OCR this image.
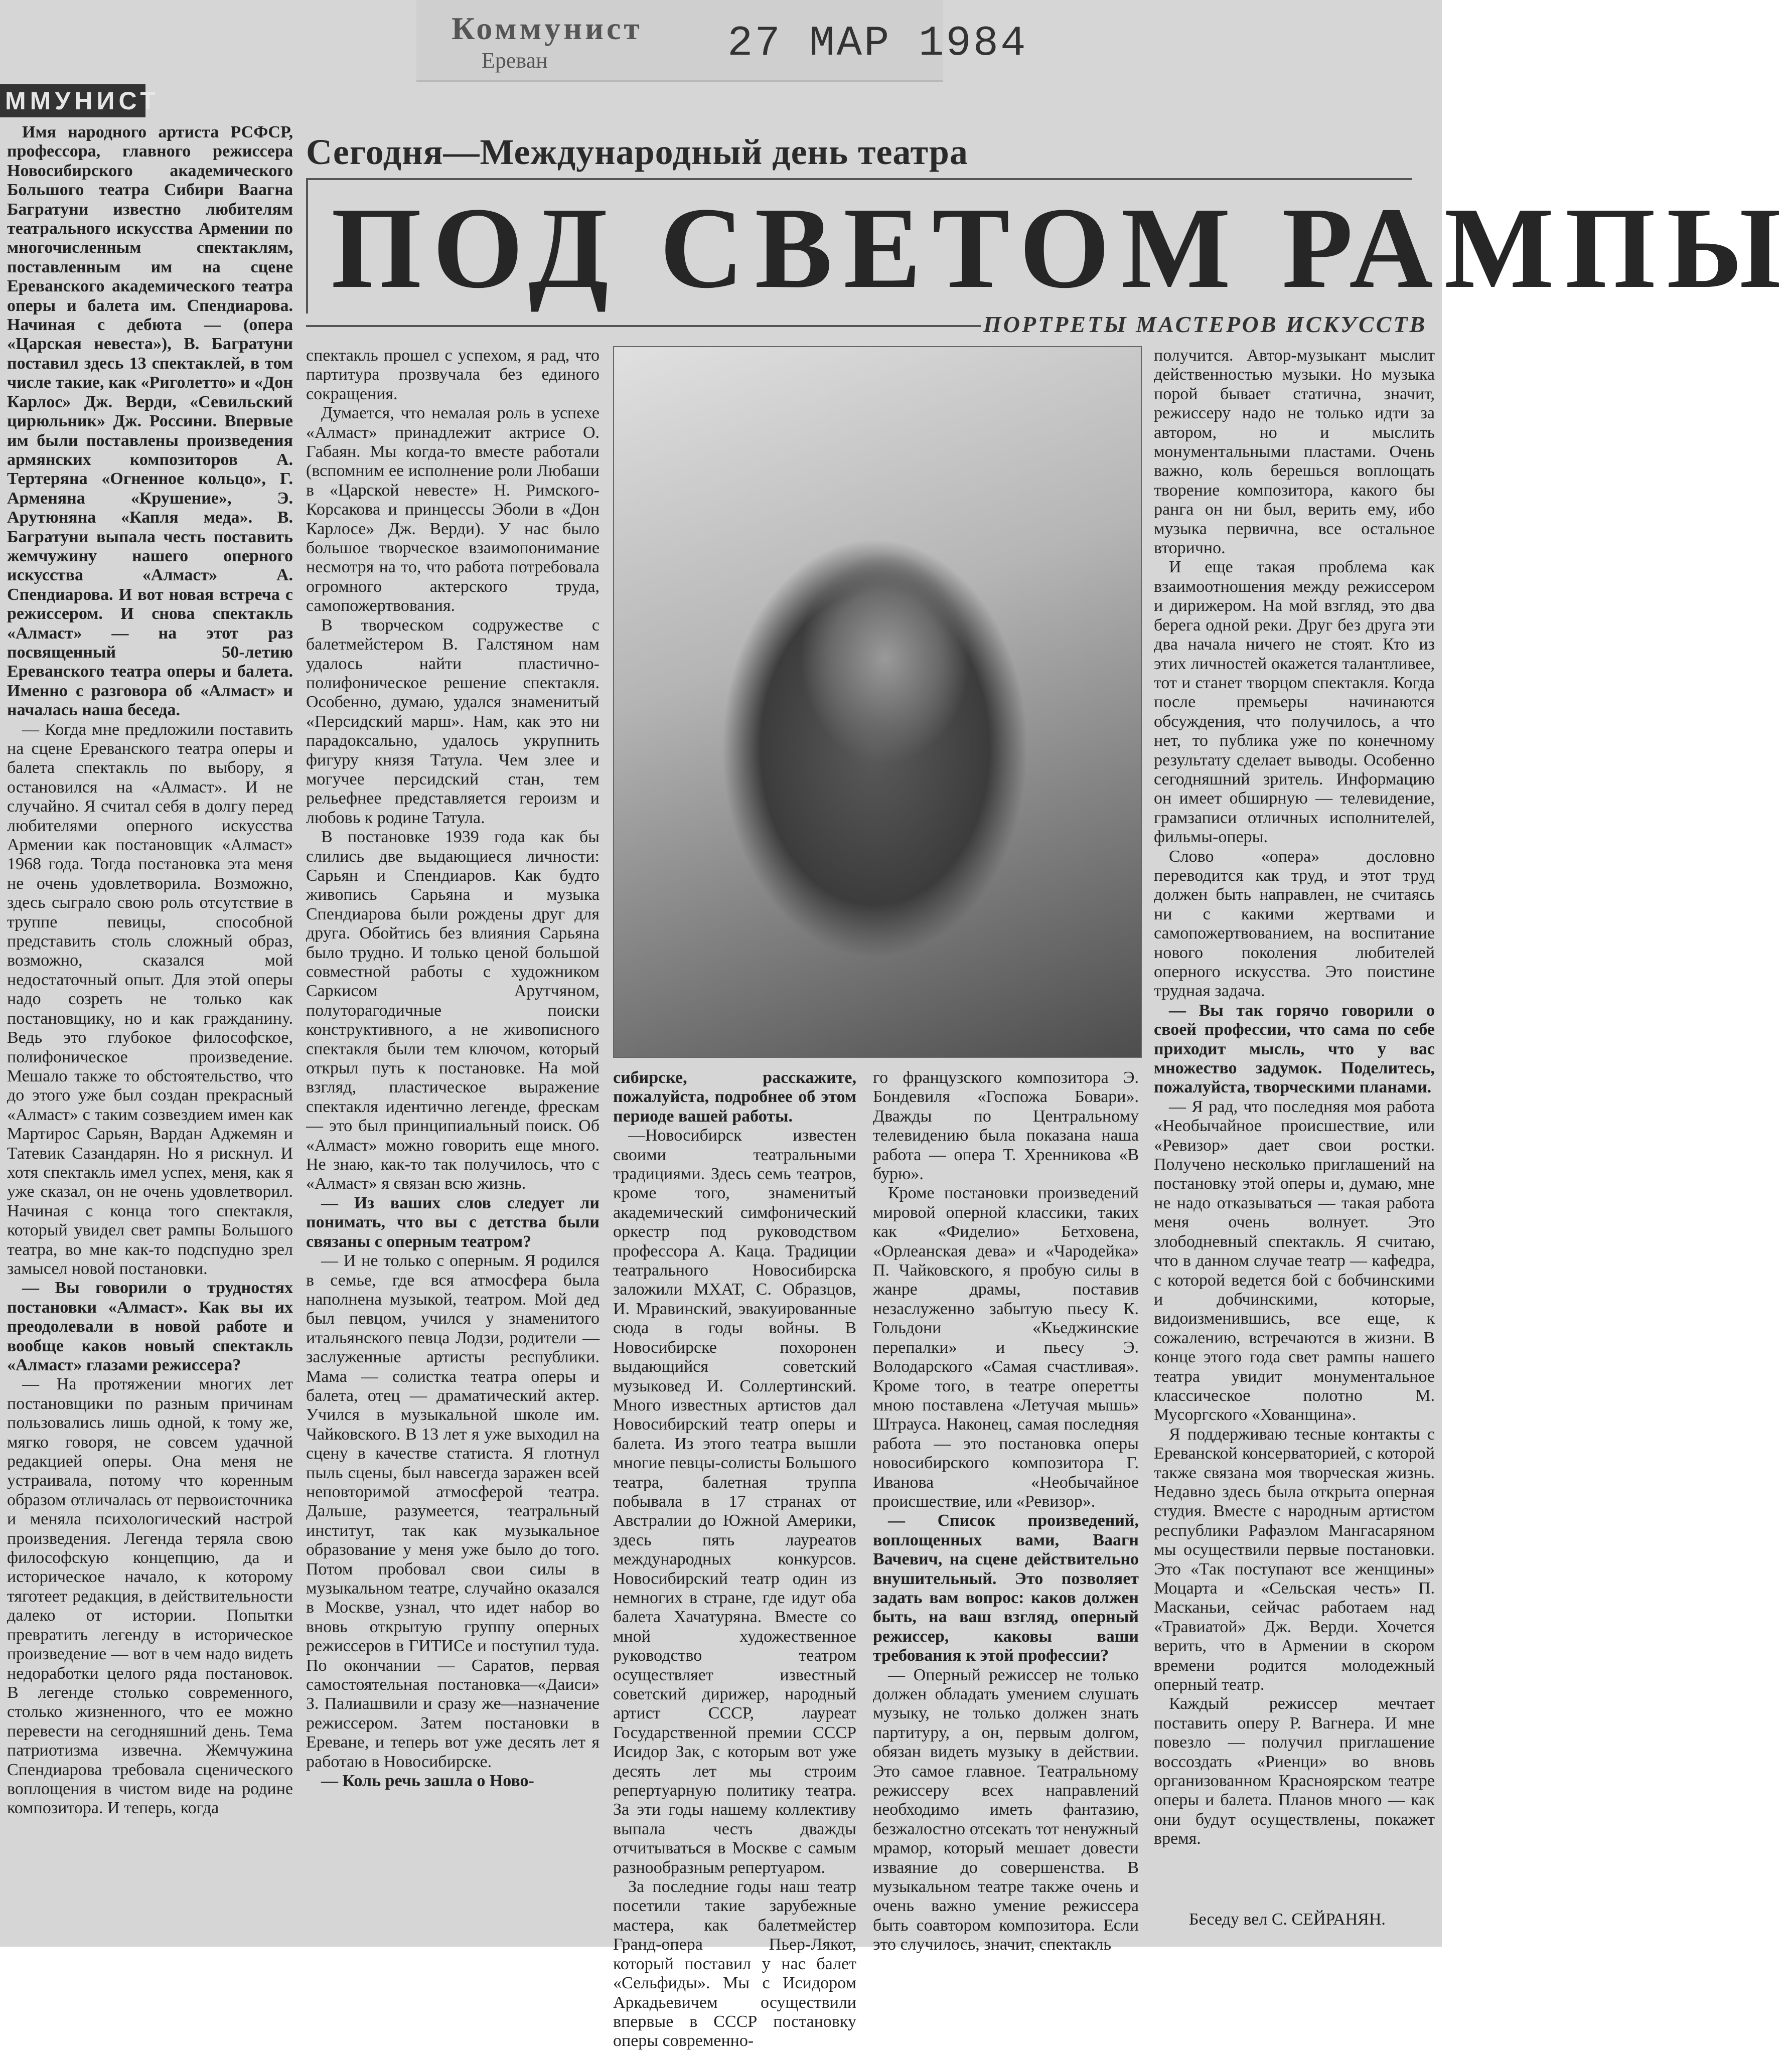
Коммунист
Ереван	27 МАР 1984
ММУНИСТ
Сегодня—Международный день театра
ПОД СВЕТОМ РАМПЫ
ПОРТРЕТЫ МАСТЕРОВ ИСКУССТВ

Имя народного артиста РСФСР, профессора, главного режиссера Новосибирского академического Большого театра Сибири Ваагна Багратуни известно любителям театрального искусства Армении по многочисленным спектаклям, поставленным им на сцене Ереванского академического театра оперы и балета им. Спендиарова. Начиная с дебюта — (опера «Царская невеста»), В. Багратуни поставил здесь 13 спектаклей, в том числе такие, как «Риголетто» и «Дон Карлос» Дж. Верди, «Севильский цирюльник» Дж. Россини. Впервые им были поставлены произведения армянских композиторов А. Тертеряна «Огненное кольцо», Г. Арменяна «Крушение», Э. Арутюняна «Капля меда». В. Багратуни выпала честь поставить жемчужину нашего оперного искусства «Алмаст» А. Спендиарова. И вот новая встреча с режиссером. И снова спектакль «Алмаст» — на этот раз посвященный 50-летию Ереванского театра оперы и балета. Именно с разговора об «Алмаст» и началась наша беседа.

— Когда мне предложили поставить на сцене Ереванского театра оперы и балета спектакль по выбору, я остановился на «Алмаст». И не случайно. Я считал себя в долгу перед любителями оперного искусства Армении как постановщик «Алмаст» 1968 года. Тогда постановка эта меня не очень удовлетворила. Возможно, здесь сыграло свою роль отсутствие в труппе певицы, способной представить столь сложный образ, возможно, сказался мой недостаточный опыт. Для этой оперы надо созреть не только как постановщику, но и как гражданину. Ведь это глубокое философское, полифоническое произведение. Мешало также то обстоятельство, что до этого уже был создан прекрасный «Алмаст» с таким созвездием имен как Мартирос Сарьян, Вардан Аджемян и Татевик Сазандарян. Но я рискнул. И хотя спектакль имел успех, меня, как я уже сказал, он не очень удовлетворил. Начиная с конца того спектакля, который увидел свет рампы Большого театра, во мне как-то подспудно зрел замысел новой постановки.

— Вы говорили о трудностях постановки «Алмаст». Как вы их преодолевали в новой работе и вообще каков новый спектакль «Алмаст» глазами режиссера?

— На протяжении многих лет постановщики по разным причинам пользовались лишь одной, к тому же, мягко говоря, не совсем удачной редакцией оперы. Она меня не устраивала, потому что коренным образом отличалась от первоисточника и меняла психологический настрой произведения. Легенда теряла свою философскую концепцию, да и историческое начало, к которому тяготеет редакция, в действительности далеко от истории. Попытки превратить легенду в историческое произведение — вот в чем надо видеть недоработки целого ряда постановок. В легенде столько современного, столько жизненного, что ее можно перевести на сегодняшний день. Тема патриотизма извечна. Жемчужина Спендиарова требовала сценического воплощения в чистом виде на родине композитора. И теперь, когда

спектакль прошел с успехом, я рад, что партитура прозвучала без единого сокращения.

Думается, что немалая роль в успехе «Алмаст» принадлежит актрисе О. Габаян. Мы когда-то вместе работали (вспомним ее исполнение роли Любаши в «Царской невесте» Н. Римского-Корсакова и принцессы Эболи в «Дон Карлосе» Дж. Верди). У нас было большое творческое взаимопонимание несмотря на то, что работа потребовала огромного актерского труда, самопожертвования.

В творческом содружестве с балетмейстером В. Галстяном нам удалось найти пластично-полифоническое решение спектакля. Особенно, думаю, удался знаменитый «Персидский марш». Нам, как это ни парадоксально, удалось укрупнить фигуру князя Татула. Чем злее и могучее персидский стан, тем рельефнее представляется героизм и любовь к родине Татула.

В постановке 1939 года как бы слились две выдающиеся личности: Сарьян и Спендиаров. Как будто живопись Сарьяна и музыка Спендиарова были рождены друг для друга. Обойтись без влияния Сарьяна было трудно. И только ценой большой совместной работы с художником Саркисом Арутчяном, полуторагодичные поиски конструктивного, а не живописного спектакля были тем ключом, который открыл путь к постановке. На мой взгляд, пластическое выражение спектакля идентично легенде, фрескам — это был принципиальный поиск. Об «Алмаст» можно говорить еще много. Не знаю, как-то так получилось, что с «Алмаст» я связан всю жизнь.

— Из ваших слов следует ли понимать, что вы с детства были связаны с оперным театром?

— И не только с оперным. Я родился в семье, где вся атмосфера была наполнена музыкой, театром. Мой дед был певцом, учился у знаменитого итальянского певца Лодзи, родители — заслуженные артисты республики. Мама — солистка театра оперы и балета, отец — драматический актер. Учился в музыкальной школе им. Чайковского. В 13 лет я уже выходил на сцену в качестве статиста. Я глотнул пыль сцены, был навсегда заражен всей неповторимой атмосферой театра. Дальше, разумеется, театральный институт, так как музыкальное образование у меня уже было до того. Потом пробовал свои силы в музыкальном театре, случайно оказался в Москве, узнал, что идет набор во вновь открытую группу оперных режиссеров в ГИТИСе и поступил туда. По окончании — Саратов, первая самостоятельная постановка—«Даиси» З. Палиашвили и сразу же—назначение режиссером. Затем постановки в Ереване, и теперь вот уже десять лет я работаю в Новосибирске.

— Коль речь зашла о Ново-

сибирске, расскажите, пожалуйста, подробнее об этом периоде вашей работы.

—Новосибирск известен своими театральными традициями. Здесь семь театров, кроме того, знаменитый академический симфонический оркестр под руководством профессора А. Каца. Традиции театрального Новосибирска заложили МХАТ, С. Образцов, И. Мравинский, эвакуированные сюда в годы войны. В Новосибирске похоронен выдающийся советский музыковед И. Соллертинский. Много известных артистов дал Новосибирский театр оперы и балета. Из этого театра вышли многие певцы-солисты Большого театра, балетная труппа побывала в 17 странах от Австралии до Южной Америки, здесь пять лауреатов международных конкурсов. Новосибирский театр один из немногих в стране, где идут оба балета Хачатуряна. Вместе со мной художественное руководство театром осуществляет известный советский дирижер, народный артист СССР, лауреат Государственной премии СССР Исидор Зак, с которым вот уже десять лет мы строим репертуарную политику театра. За эти годы нашему коллективу выпала честь дважды отчитываться в Москве с самым разнообразным репертуаром.

За последние годы наш театр посетили такие зарубежные мастера, как балетмейстер Гранд-опера Пьер-Лякот, который поставил у нас балет «Сельфиды». Мы с Исидором Аркадьевичем осуществили впервые в СССР постановку оперы современно-

го французского композитора Э. Бондевиля «Госпожа Бовари». Дважды по Центральному телевидению была показана наша работа — опера Т. Хренникова «В бурю».

Кроме постановки произведений мировой оперной классики, таких как «Фиделио» Бетховена, «Орлеанская дева» и «Чародейка» П. Чайковского, я пробую силы в жанре драмы, поставив незаслуженно забытую пьесу К. Гольдони «Кьеджинские перепалки» и пьесу Э. Володарского «Самая счастливая». Кроме того, в театре оперетты мною поставлена «Летучая мышь» Штрауса. Наконец, самая последняя работа — это постановка оперы новосибирского композитора Г. Иванова «Необычайное происшествие, или «Ревизор».

— Список произведений, воплощенных вами, Ваагн Вачевич, на сцене действительно внушительный. Это позволяет задать вам вопрос: каков должен быть, на ваш взгляд, оперный режиссер, каковы ваши требования к этой профессии?

— Оперный режиссер не только должен обладать умением слушать музыку, не только должен знать партитуру, а он, первым долгом, обязан видеть музыку в действии. Это самое главное. Театральному режиссеру всех направлений необходимо иметь фантазию, безжалостно отсекать тот ненужный мрамор, который мешает довести изваяние до совершенства. В музыкальном театре также очень и очень важно умение режиссера быть соавтором композитора. Если это случилось, значит, спектакль

получится. Автор-музыкант мыслит действенностью музыки. Но музыка порой бывает статична, значит, режиссеру надо не только идти за автором, но и мыслить монументальными пластами. Очень важно, коль берешься воплощать творение композитора, какого бы ранга он ни был, верить ему, ибо музыка первична, все остальное вторично.

И еще такая проблема как взаимоотношения между режиссером и дирижером. На мой взгляд, это два берега одной реки. Друг без друга эти два начала ничего не стоят. Кто из этих личностей окажется талантливее, тот и станет творцом спектакля. Когда после премьеры начинаются обсуждения, что получилось, а что нет, то публика уже по конечному результату сделает выводы. Особенно сегодняшний зритель. Информацию он имеет обширную — телевидение, грамзаписи отличных исполнителей, фильмы-оперы.

Слово «опера» дословно переводится как труд, и этот труд должен быть направлен, не считаясь ни с какими жертвами и самопожертвованием, на воспитание нового поколения любителей оперного искусства. Это поистине трудная задача.

— Вы так горячо говорили о своей профессии, что сама по себе приходит мысль, что у вас множество задумок. Поделитесь, пожалуйста, творческими планами.

— Я рад, что последняя моя работа «Необычайное происшествие, или «Ревизор» дает свои ростки. Получено несколько приглашений на постановку этой оперы и, думаю, мне не надо отказываться — такая работа меня очень волнует. Это злободневный спектакль. Я считаю, что в данном случае театр — кафедра, с которой ведется бой с бобчинскими и добчинскими, которые, видоизменившись, все еще, к сожалению, встречаются в жизни. В конце этого года свет рампы нашего театра увидит монументальное классическое полотно М. Мусоргского «Хованщина».

Я поддерживаю тесные контакты с Ереванской консерваторией, с которой также связана моя творческая жизнь. Недавно здесь была открыта оперная студия. Вместе с народным артистом республики Рафаэлом Мангасаряном мы осуществили первые постановки. Это «Так поступают все женщины» Моцарта и «Сельская честь» П. Масканьи, сейчас работаем над «Травиатой» Дж. Верди. Хочется верить, что в Армении в скором времени родится молодежный оперный театр.

Каждый режиссер мечтает поставить оперу Р. Вагнера. И мне повезло — получил приглашение воссоздать «Риенци» во вновь организованном Красноярском театре оперы и балета. Планов много — как они будут осуществлены, покажет время.

Беседу вел С. СЕЙРАНЯН.
